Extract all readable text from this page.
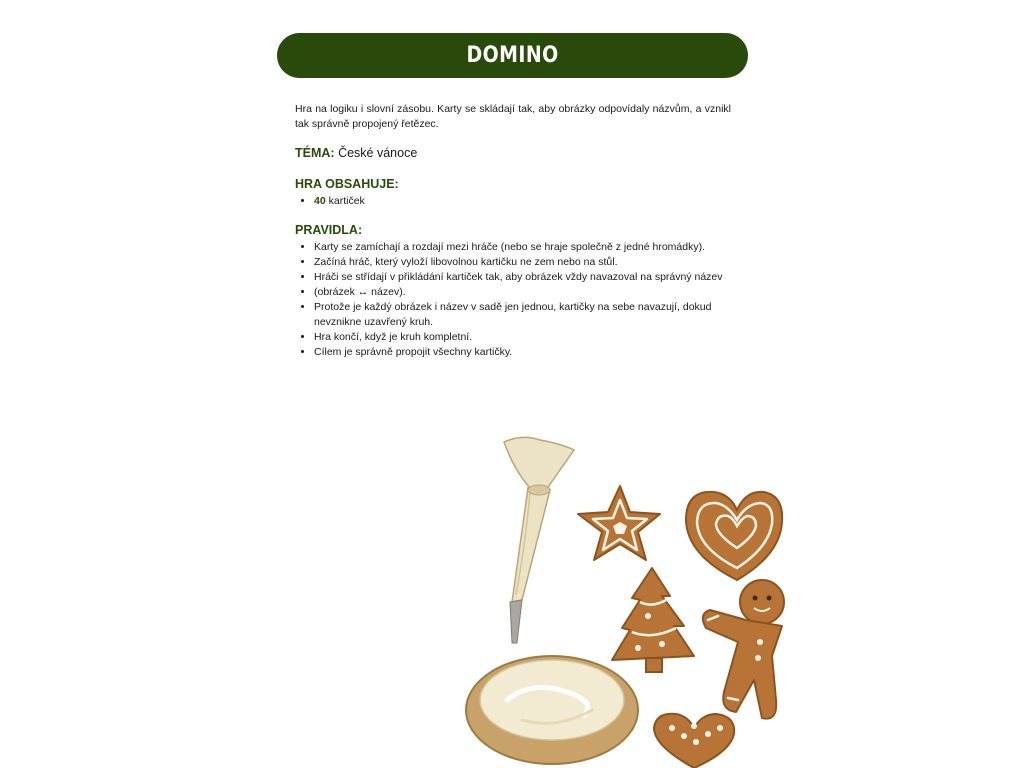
DOMINO

Hra na logiku i slovní zásobu. Karty se skládají tak, aby obrázky odpovídaly názvům, a vznikl tak správně propojený řetězec.

TÉMA: České vánoce

HRA OBSAHUJE:
• 40 kartiček
PRAVIDLA:
• Karty se zamíchají a rozdají mezi hráče (nebo se hraje společně z jedné hromádky).
• Začíná hráč, který vyloží libovolnou kartičku ne zem nebo na stůl.
• Hráči se střídají v přikládání kartiček tak, aby obrázek vždy navazoval na správný název
• (obrázek ↔ název).
• Protože je každý obrázek i název v sadě jen jednou, kartičky na sebe navazují, dokud nevznikne uzavřený kruh.
• Hra končí, když je kruh kompletní.
• Cílem je správně propojit všechny kartičky.
